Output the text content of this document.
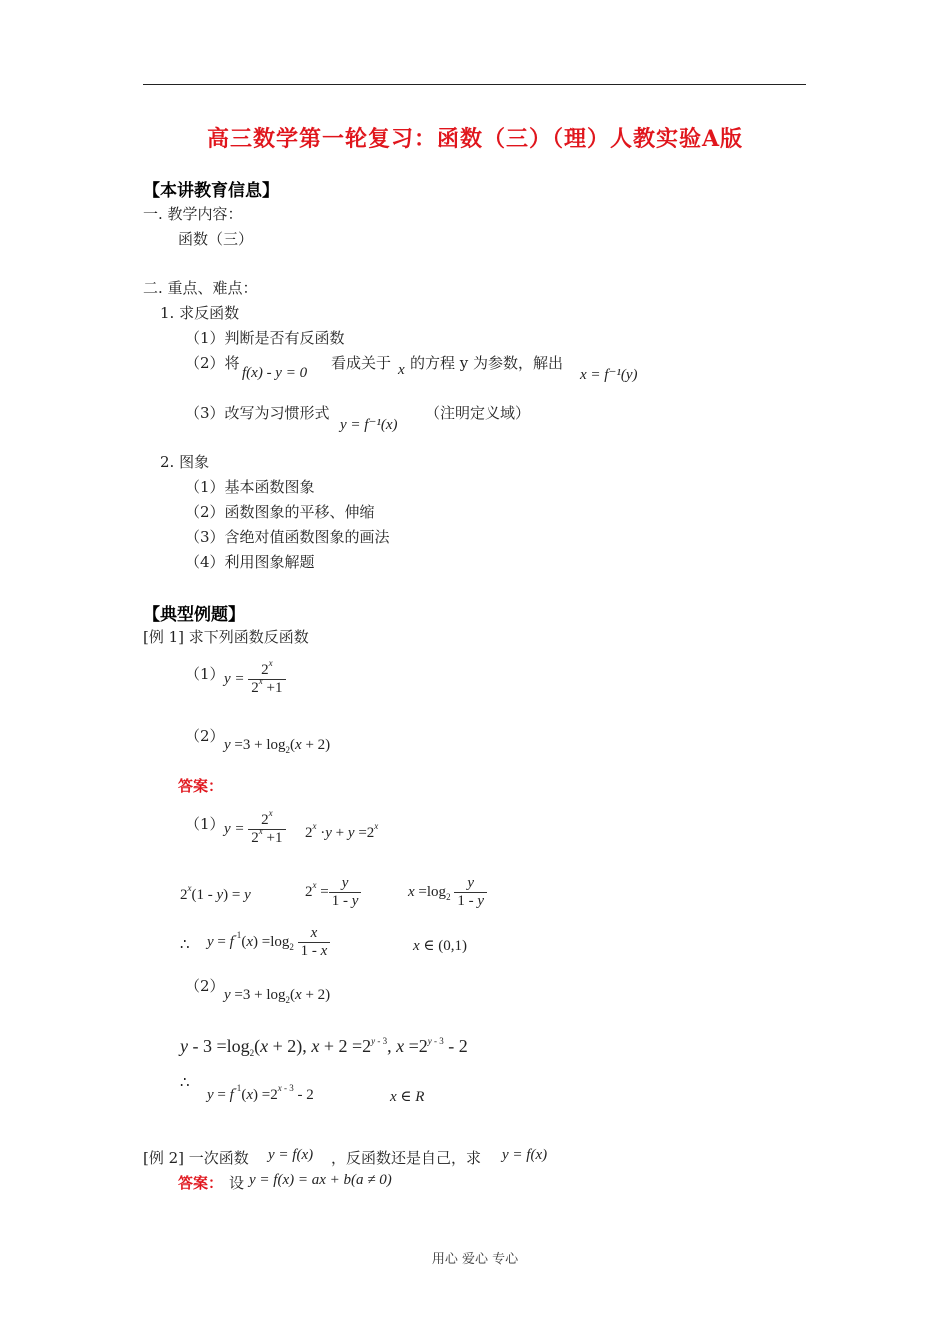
高三数学第一轮复习：函数（三）（理）人教实验A版
【本讲教育信息】
一. 教学内容：
函数（三）
二. 重点、难点：
1. 求反函数
（1）判断是否有反函数
（2）将
f(x) - y = 0
看成关于 x 的方程 y 为参数，解出
x = f⁻¹(y)
（3）改写为习惯形式
y = f⁻¹(x)
（注明定义域）
2. 图象
（1）基本函数图象
（2）函数图象的平移、伸缩
（3）含绝对值函数图象的画法
（4）利用图象解题
【典型例题】
[例 1] 求下列函数反函数
（1） $y = \frac{2^x}{2^x +1}$
（2） $y =3 + \log_2(x + 2)$
答案：
（1） $y = \frac{2^x}{2^x +1} 2^x \cdot y + y =2^x$
2$^x$(1 - y) = y	$2^x = \frac{y}{1 - y}$	$x =\log_2 \frac{y}{1 - y}$
∴ $y = f^{-1}(x) =\log_2 \frac{x}{1 - x}$	x ∈ (0,1)
（2） $y =3 + \log_2(x + 2)$
$y - 3 =\log_2(x + 2)$, $x + 2 =2^{y - 3}$, $x =2^{y - 3} - 2$
∴
$y = f^{-1}(x) =2^{x - 3} - 2$	x ∈ R
[例 2] 一次函数 y = f(x) ，反函数还是自己，求 y = f(x)
答案： 设 y = f(x) = ax + b(a ≠ 0)
用心 爱心 专心
